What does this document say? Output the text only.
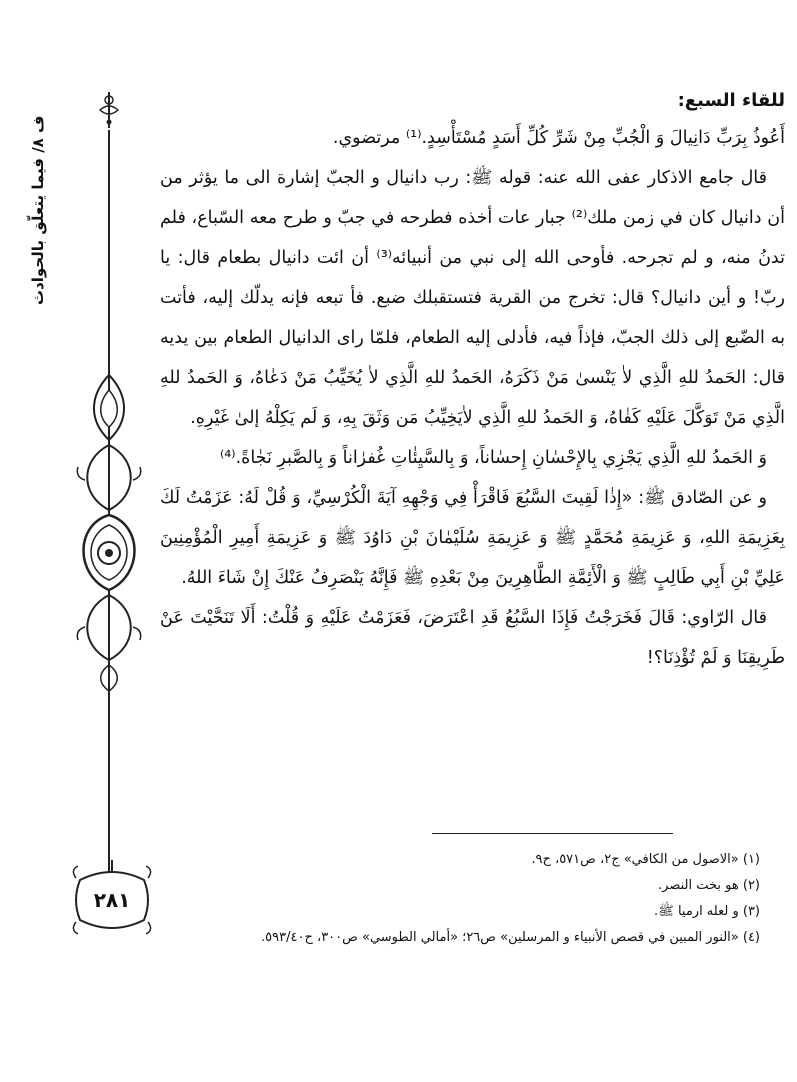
ف ٨/ فيما يتعلّق بالحوادث
٢٨١
للقاء السبع:

أَعُوذُ بِرَبِّ دَانِيالَ وَ الْجُبِّ مِنْ شَرِّ كُلِّ أَسَدٍ مُسْتَأْسِدٍ.⁽¹⁾ مرتضوي.

قال جامع الاذكار عفى الله عنه: قوله ﷺ: رب دانيال و الجبّ إشارة الى ما يؤثر من أن دانيال كان في زمن ملك⁽²⁾ جبار عات أخذه فطرحه في جبّ و طرح معه السّباع، فلم تدنُ منه، و لم تجرحه. فأوحى الله إلى نبي من أنبيائه⁽³⁾ أن ائت دانيال بطعام قال: يا ربّ! و أين دانيال؟ قال: تخرج من القرية فتستقبلك ضبع. فأ تبعه فإنه يدلّك إليه، فأتت به الضّبع إلى ذلك الجبّ، فإذاً فيه، فأدلى إليه الطعام، فلمّا راى الدانيال الطعام بين يديه قال: الحَمدُ للهِ الَّذِي لاٰ يَنْسىٰ مَنْ ذَكَرَهُ، الحَمدُ للهِ الَّذِي لاٰ يُخَيِّبُ مَنْ دَعٰاهُ، وَ الحَمدُ للهِ الَّذِي مَنْ تَوَكَّلَ عَلَيْهِ كَفٰاهُ، وَ الحَمدُ للهِ الَّذِي لاٰيَخِيِّبُ مَن وَثَقَ بِهِ، وَ لَم يَكِلْهُ إلىٰ غَيْرِهِ.

وَ الحَمدُ للهِ الَّذِي يَجْزِي بِالإِحْسٰانِ إِحسٰاناً، وَ بِالسَّيِئٰاتِ غُفرٰاناً وَ بِالصَّبرِ نَجٰاةً.⁽⁴⁾

و عن الصّادق ﷺ: «إِذٰا لَقِيتَ السَّبُعَ فَاقْرَأْ فِي وَجْهِهِ آيَةَ الْكُرْسِيِّ، وَ قُلْ لَهُ: عَزَمْتُ لَكَ بِعَزِيمَةِ اللهِ، وَ عَزِيمَةِ مُحَمَّدٍ ﷺ وَ عَزِيمَةِ سُلَيْمٰانَ بْنِ دَاوُدَ ﷺ وَ عَزِيمَةِ أَمِيرِ الْمُؤْمِنِينَ عَلِيِّ بْنِ أَبِي طَالِبٍ ﷺ وَ الْأَئِمَّةِ الطَّاهِرِينَ مِنْ بَعْدِهِ ﷺ فَإِنَّهُ يَنْصَرِفُ عَنْكَ إِنْ شَاءَ اللهُ.

قال الرّاوي: قَالَ فَخَرَجْتُ فَإِذَا السَّبُعُ قَدِ اعْتَرَضَ، فَعَزَمْتُ عَلَيْهِ وَ قُلْتُ: أَلَا تَنَحَّيْتَ عَنْ طَرِيقِنَا وَ لَمْ تُؤْذِنَا؟!

(١) «الاصول من الكافي» ج٢، ص٥٧١، ح٩.

(٢) هو بخت النصر.

(٣) و لعله ارميا ﷺ.

(٤) «النور المبين في قصص الأنبياء و المرسلين» ص٢٦؛ «أمالي الطوسي» ص٣٠٠، ح٥٩٣/٤٠.
